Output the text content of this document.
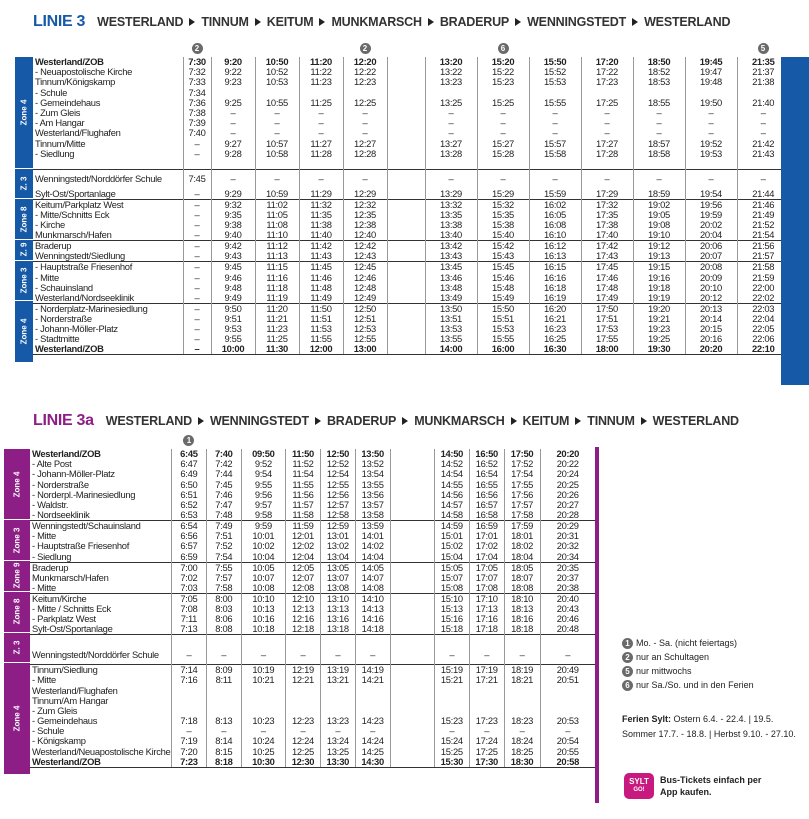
LINIE 3 WESTERLAND TINNUM KEITUM MUNKMARSCH BRADERUP WENNINGSTEDT WESTERLAND
Zone 4
Z. 3
Zone 8
Z. 9
Zone 3
Zone 4
2	2	6	5
Westerland/ZOB	7:30	9:20	10:50	11:20	12:20		13:20	15:20	15:50	17:20	18:50	19:45	21:35
- Neuapostolische Kirche	7:32	9:22	10:52	11:22	12:22		13:22	15:22	15:52	17:22	18:52	19:47	21:37
Tinnum/Königskamp	7:33	9:23	10:53	11:23	12:23		13:23	15:23	15:53	17:23	18:53	19:48	21:38
- Schule	7:34												
- Gemeindehaus	7:36	9:25	10:55	11:25	12:25		13:25	15:25	15:55	17:25	18:55	19:50	21:40
- Zum Gleis	7:38	–	–	–	–		–	–	–	–	–	–	–
- Am Hangar	7:39	–	–	–	–		–	–	–	–	–	–	–
Westerland/Flughafen	7:40	–	–	–	–		–	–	–	–	–	–	–
Tinnum/Mitte	–	9:27	10:57	11:27	12:27		13:27	15:27	15:57	17:27	18:57	19:52	21:42
- Siedlung	–	9:28	10:58	11:28	12:28		13:28	15:28	15:58	17:28	18:58	19:53	21:43

Wenningstedt/Norddörfer Schule	7:45	–	–	–	–		–	–	–	–	–	–	–
Sylt-Ost/Sportanlage	–	9:29	10:59	11:29	12:29		13:29	15:29	15:59	17:29	18:59	19:54	21:44
Keitum/Parkplatz West	–	9:32	11:02	11:32	12:32		13:32	15:32	16:02	17:32	19:02	19:56	21:46
- Mitte/Schnitts Eck	–	9:35	11:05	11:35	12:35		13:35	15:35	16:05	17:35	19:05	19:59	21:49
- Kirche	–	9:38	11:08	11:38	12:38		13:38	15:38	16:08	17:38	19:08	20:02	21:52
Munkmarsch/Hafen	–	9:40	11:10	11:40	12:40		13:40	15:40	16:10	17:40	19:10	20:04	21:54
Braderup	–	9:42	11:12	11:42	12:42		13:42	15:42	16:12	17:42	19:12	20:06	21:56
Wenningstedt/Siedlung	–	9:43	11:13	11:43	12:43		13:43	15:43	16:13	17:43	19:13	20:07	21:57
- Hauptstraße Friesenhof	–	9:45	11:15	11:45	12:45		13:45	15:45	16:15	17:45	19:15	20:08	21:58
- Mitte	–	9:46	11:16	11:46	12:46		13:46	15:46	16:16	17:46	19:16	20:09	21:59
- Schauinsland	–	9:48	11:18	11:48	12:48		13:48	15:48	16:18	17:48	19:18	20:10	22:00
Westerland/Nordseeklinik	–	9:49	11:19	11:49	12:49		13:49	15:49	16:19	17:49	19:19	20:12	22:02
- Norderplatz-Marinesiedlung	–	9:50	11:20	11:50	12:50		13:50	15:50	16:20	17:50	19:20	20:13	22:03
- Norderstraße	–	9:51	11:21	11:51	12:51		13:51	15:51	16:21	17:51	19:21	20:14	22:04
- Johann-Möller-Platz	–	9:53	11:23	11:53	12:53		13:53	15:53	16:23	17:53	19:23	20:15	22:05
- Stadtmitte	–	9:55	11:25	11:55	12:55		13:55	15:55	16:25	17:55	19:25	20:16	22:06
Westerland/ZOB	–	10:00	11:30	12:00	13:00		14:00	16:00	16:30	18:00	19:30	20:20	22:10
LINIE 3a WESTERLAND WENNINGSTEDT BRADERUP MUNKMARSCH KEITUM TINNUM WESTERLAND
Zone 4
Zone 3
Zone 9
Zone 8
Z. 3
Zone 4
1
Westerland/ZOB	6:45	7:40	09:50	11:50	12:50	13:50		14:50	16:50	17:50	20:20
- Alte Post	6:47	7:42	9:52	11:52	12:52	13:52		14:52	16:52	17:52	20:22
- Johann-Möller-Platz	6:49	7:44	9:54	11:54	12:54	13:54		14:54	16:54	17:54	20:24
- Norderstraße	6:50	7:45	9:55	11:55	12:55	13:55		14:55	16:55	17:55	20:25
- Norderpl.-Marinesiedlung	6:51	7:46	9:56	11:56	12:56	13:56		14:56	16:56	17:56	20:26
- Waldstr.	6:52	7:47	9:57	11:57	12:57	13:57		14:57	16:57	17:57	20:27
- Nordseeklinik	6:53	7:48	9:58	11:58	12:58	13:58		14:58	16:58	17:58	20:28
Wenningstedt/Schauinsland	6:54	7:49	9:59	11:59	12:59	13:59		14:59	16:59	17:59	20:29
- Mitte	6:56	7:51	10:01	12:01	13:01	14:01		15:01	17:01	18:01	20:31
- Hauptstraße Friesenhof	6:57	7:52	10:02	12:02	13:02	14:02		15:02	17:02	18:02	20:32
- Siedlung	6:59	7:54	10:04	12:04	13:04	14:04		15:04	17:04	18:04	20:34
Braderup	7:00	7:55	10:05	12:05	13:05	14:05		15:05	17:05	18:05	20:35
Munkmarsch/Hafen	7:02	7:57	10:07	12:07	13:07	14:07		15:07	17:07	18:07	20:37
- Mitte	7:03	7:58	10:08	12:08	13:08	14:08		15:08	17:08	18:08	20:38
Keitum/Kirche	7:05	8:00	10:10	12:10	13:10	14:10		15:10	17:10	18:10	20:40
- Mitte / Schnitts Eck	7:08	8:03	10:13	12:13	13:13	14:13		15:13	17:13	18:13	20:43
- Parkplatz West	7:11	8:06	10:16	12:16	13:16	14:16		15:16	17:16	18:16	20:46
Sylt-Ost/Sportanlage	7:13	8:08	10:18	12:18	13:18	14:18		15:18	17:18	18:18	20:48

Wenningstedt/Norddörfer Schule	–	–	–	–	–	–		–	–	–	–
Tinnum/Siedlung	7:14	8:09	10:19	12:19	13:19	14:19		15:19	17:19	18:19	20:49
- Mitte	7:16	8:11	10:21	12:21	13:21	14:21		15:21	17:21	18:21	20:51
Westerland/Flughafen											
Tinnum/Am Hangar											
- Zum Gleis											
- Gemeindehaus	7:18	8:13	10:23	12:23	13:23	14:23		15:23	17:23	18:23	20:53
- Schule	–	–	–	–	–	–		–	–	–	–
- Königskamp	7:19	8:14	10:24	12:24	13:24	14:24		15:24	17:24	18:24	20:54
Westerland/Neuapostolische Kirche	7:20	8:15	10:25	12:25	13:25	14:25		15:25	17:25	18:25	20:55
Westerland/ZOB	7:23	8:18	10:30	12:30	13:30	14:30		15:30	17:30	18:30	20:58
1 Mo. - Sa. (nicht feiertags)
2 nur an Schultagen
5 nur mittwochs
6 nur Sa./So. und in den Ferien
Ferien Sylt: Ostern 6.4. - 22.4. | 19.5.
Sommer 17.7. - 18.8. | Herbst 9.10. - 27.10.
SYLT
GO!
Bus-Tickets einfach per App kaufen.
